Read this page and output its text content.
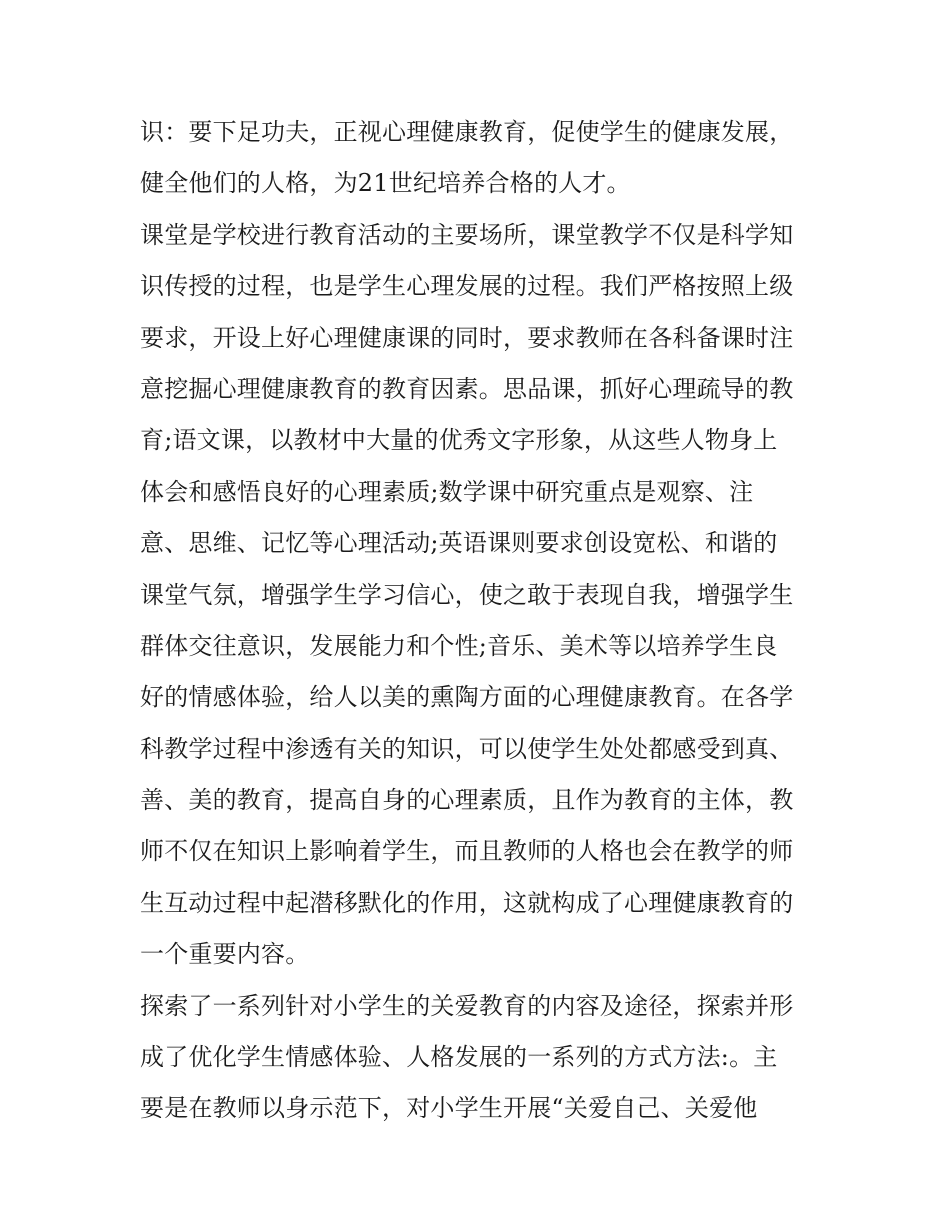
识：要下足功夫，正视心理健康教育，促使学生的健康发展，
健全他们的人格，为21世纪培养合格的人才。
课堂是学校进行教育活动的主要场所，课堂教学不仅是科学知
识传授的过程，也是学生心理发展的过程。我们严格按照上级
要求，开设上好心理健康课的同时，要求教师在各科备课时注
意挖掘心理健康教育的教育因素。思品课，抓好心理疏导的教
育;语文课，以教材中大量的优秀文字形象，从这些人物身上
体会和感悟良好的心理素质;数学课中研究重点是观察、注
意、思维、记忆等心理活动;英语课则要求创设宽松、和谐的
课堂气氛，增强学生学习信心，使之敢于表现自我，增强学生
群体交往意识，发展能力和个性;音乐、美术等以培养学生良
好的情感体验，给人以美的熏陶方面的心理健康教育。在各学
科教学过程中渗透有关的知识，可以使学生处处都感受到真、
善、美的教育，提高自身的心理素质，且作为教育的主体，教
师不仅在知识上影响着学生，而且教师的人格也会在教学的师
生互动过程中起潜移默化的作用，这就构成了心理健康教育的
一个重要内容。
探索了一系列针对小学生的关爱教育的内容及途径，探索并形
成了优化学生情感体验、人格发展的一系列的方式方法:。主
要是在教师以身示范下，对小学生开展“关爱自己、关爱他
